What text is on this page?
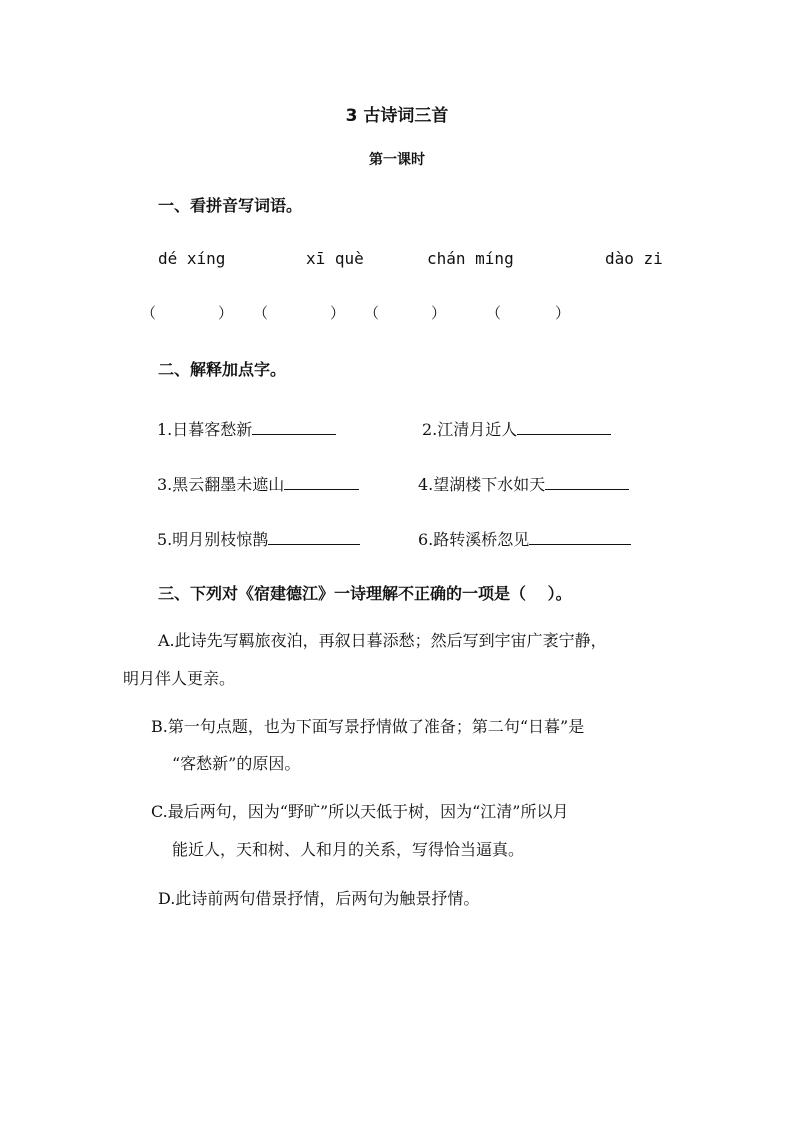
3 古诗词三首
第一课时
一、看拼音写词语。
dé xíng	xī què	chán míng	dào zi
（	） （	） （	）	（	）
二、解释加点字。
1.日暮客愁新	2.江清月近人
3.黑云翻墨未遮山	4.望湖楼下水如天
5.明月别枝惊鹊	6.路转溪桥忽见
三、下列对《宿建德江》一诗理解不正确的一项是（　 ）。
A.此诗先写羁旅夜泊，再叙日暮添愁；然后写到宇宙广袤宁静，
明月伴人更亲。
B.第一句点题，也为下面写景抒情做了准备；第二句“日暮”是
“客愁新”的原因。
C.最后两句，因为“野旷”所以天低于树，因为“江清”所以月
能近人，天和树、人和月的关系，写得恰当逼真。
D.此诗前两句借景抒情，后两句为触景抒情。
